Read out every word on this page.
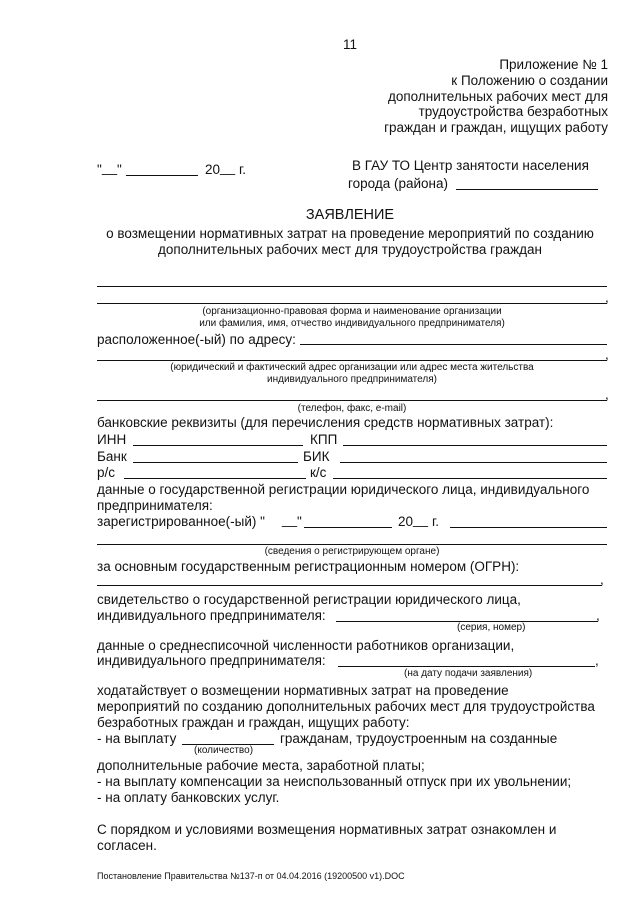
11
Приложение № 1
к Положению о создании
дополнительных рабочих мест для
трудоустройства безработных
граждан и граждан, ищущих работу
" __ "	20 __ г.	В ГАУ ТО Центр занятости населения
города (района)
ЗАЯВЛЕНИЕ
о возмещении нормативных затрат на проведение мероприятий по созданию
дополнительных рабочих мест для трудоустройства граждан
,
(организационно-правовая форма и наименование организации
или фамилия, имя, отчество индивидуального предпринимателя)
расположенное(-ый) по адресу:
,
(юридический и фактический адрес организации или адрес места жительства
индивидуального предпринимателя)
,
(телефон, факс, e-mail)
банковские реквизиты (для перечисления средств нормативных затрат):
ИНН	КПП
Банк	БИК
р/с	к/с
данные о государственной регистрации юридического лица, индивидуального
предпринимателя:
зарегистрированное(-ый) " __ "	20 __ г.
(сведения о регистрирующем органе)
за основным государственным регистрационным номером (ОГРН):
,
свидетельство о государственной регистрации юридического лица,
индивидуального предпринимателя:	,
(серия, номер)
данные о среднесписочной численности работников организации,
индивидуального предпринимателя:	,
(на дату подачи заявления)
ходатайствует о возмещении нормативных затрат на проведение
мероприятий по созданию дополнительных рабочих мест для трудоустройства
безработных граждан и граждан, ищущих работу:
- на выплату	гражданам, трудоустроенным на созданные
(количество)
дополнительные рабочие места, заработной платы;
- на выплату компенсации за неиспользованный отпуск при их увольнении;
- на оплату банковских услуг.
С порядком и условиями возмещения нормативных затрат ознакомлен и
согласен.
Постановление Правительства №137-п от 04.04.2016 (19200500 v1).DOC
